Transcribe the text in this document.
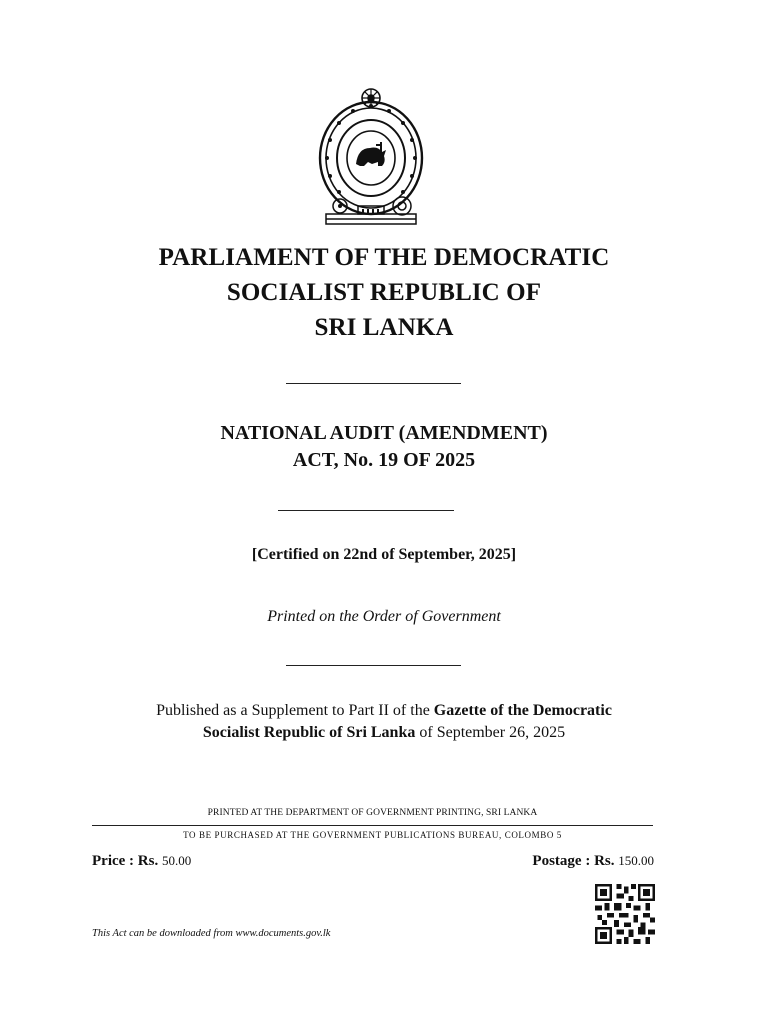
PARLIAMENT OF THE DEMOCRATIC
SOCIALIST REPUBLIC OF
SRI LANKA
NATIONAL AUDIT (AMENDMENT)
ACT, No. 19 OF 2025
[Certified on 22nd of September, 2025]
Printed on the Order of Government
Published as a Supplement to Part II of the Gazette of the Democratic
Socialist Republic of Sri Lanka of September 26, 2025
PRINTED AT THE DEPARTMENT OF GOVERNMENT PRINTING, SRI LANKA
TO BE PURCHASED AT THE GOVERNMENT PUBLICATIONS BUREAU, COLOMBO 5
Price : Rs. 50.00	Postage : Rs. 150.00
This Act can be downloaded from www.documents.gov.lk
